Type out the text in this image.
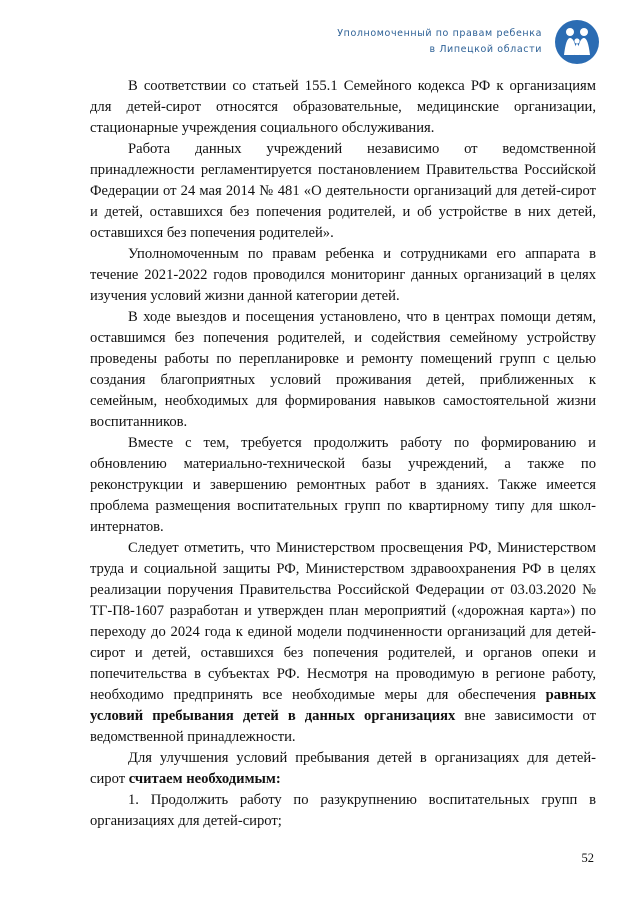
Уполномоченный по правам ребенка
в Липецкой области

В соответствии со статьей 155.1 Семейного кодекса РФ к организациям для детей-сирот относятся образовательные, медицинские организации, стационарные учреждения социального обслуживания.

Работа данных учреждений независимо от ведомственной принадлежности регламентируется постановлением Правительства Российской Федерации от 24 мая 2014 № 481 «О деятельности организаций для детей-сирот и детей, оставшихся без попечения родителей, и об устройстве в них детей, оставшихся без попечения родителей».

Уполномоченным по правам ребенка и сотрудниками его аппарата в течение 2021-2022 годов проводился мониторинг данных организаций в целях изучения условий жизни данной категории детей.

В ходе выездов и посещения установлено, что в центрах помощи детям, оставшимся без попечения родителей, и содействия семейному устройству проведены работы по перепланировке и ремонту помещений групп с целью создания благоприятных условий проживания детей, приближенных к семейным, необходимых для формирования навыков самостоятельной жизни воспитанников.

Вместе с тем, требуется продолжить работу по формированию и обновлению материально-технической базы учреждений, а также по реконструкции и завершению ремонтных работ в зданиях. Также имеется проблема размещения воспитательных групп по квартирному типу для школ-интернатов.

Следует отметить, что Министерством просвещения РФ, Министерством труда и социальной защиты РФ, Министерством здравоохранения РФ в целях реализации поручения Правительства Российской Федерации от 03.03.2020 № ТГ-П8-1607 разработан и утвержден план мероприятий («дорожная карта») по переходу до 2024 года к единой модели подчиненности организаций для детей-сирот и детей, оставшихся без попечения родителей, и органов опеки и попечительства в субъектах РФ. Несмотря на проводимую в регионе работу, необходимо предпринять все необходимые меры для обеспечения равных условий пребывания детей в данных организациях вне зависимости от ведомственной принадлежности.

Для улучшения условий пребывания детей в организациях для детей-сирот считаем необходимым:

1. Продолжить работу по разукрупнению воспитательных групп в организациях для детей-сирот;

52
